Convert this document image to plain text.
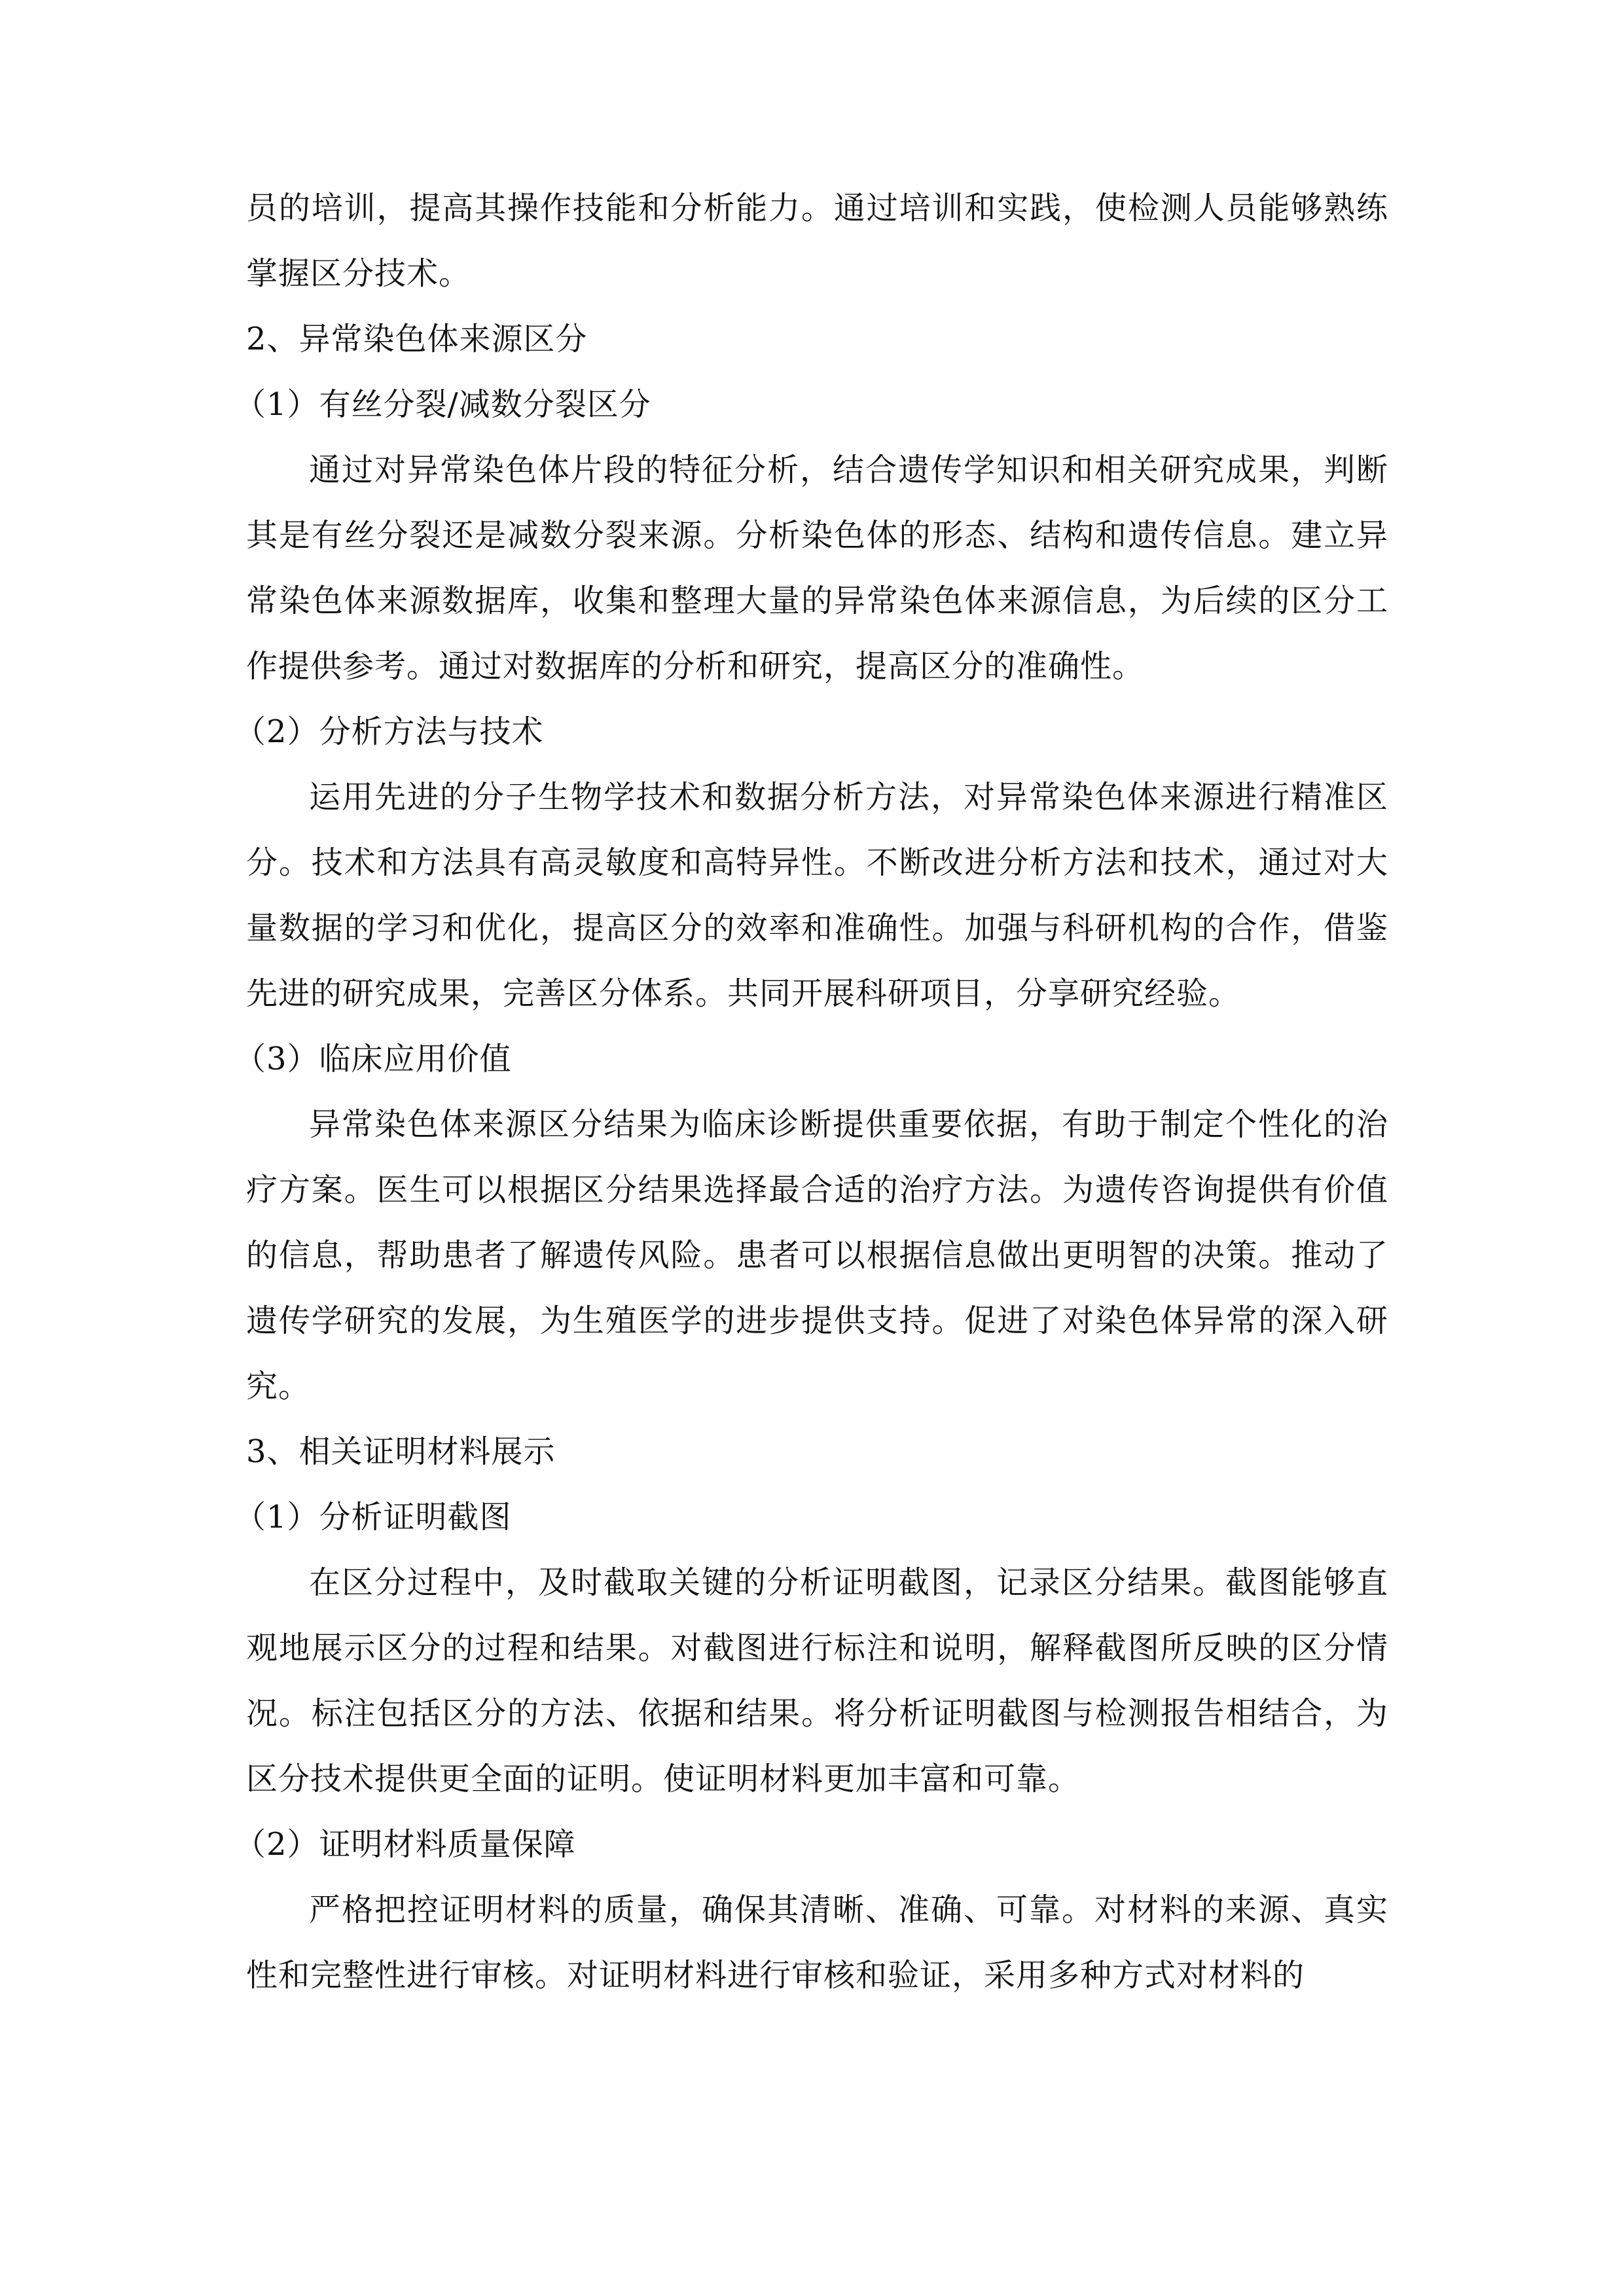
员的培训，提高其操作技能和分析能力。通过培训和实践，使检测人员能够熟练掌握区分技术。

2、异常染色体来源区分

（1）有丝分裂/减数分裂区分

通过对异常染色体片段的特征分析，结合遗传学知识和相关研究成果，判断其是有丝分裂还是减数分裂来源。分析染色体的形态、结构和遗传信息。建立异常染色体来源数据库，收集和整理大量的异常染色体来源信息，为后续的区分工作提供参考。通过对数据库的分析和研究，提高区分的准确性。

（2）分析方法与技术

运用先进的分子生物学技术和数据分析方法，对异常染色体来源进行精准区分。技术和方法具有高灵敏度和高特异性。不断改进分析方法和技术，通过对大量数据的学习和优化，提高区分的效率和准确性。加强与科研机构的合作，借鉴先进的研究成果，完善区分体系。共同开展科研项目，分享研究经验。

（3）临床应用价值

异常染色体来源区分结果为临床诊断提供重要依据，有助于制定个性化的治疗方案。医生可以根据区分结果选择最合适的治疗方法。为遗传咨询提供有价值的信息，帮助患者了解遗传风险。患者可以根据信息做出更明智的决策。推动了遗传学研究的发展，为生殖医学的进步提供支持。促进了对染色体异常的深入研究。

3、相关证明材料展示

（1）分析证明截图

在区分过程中，及时截取关键的分析证明截图，记录区分结果。截图能够直观地展示区分的过程和结果。对截图进行标注和说明，解释截图所反映的区分情况。标注包括区分的方法、依据和结果。将分析证明截图与检测报告相结合，为区分技术提供更全面的证明。使证明材料更加丰富和可靠。

（2）证明材料质量保障

严格把控证明材料的质量，确保其清晰、准确、可靠。对材料的来源、真实性和完整性进行审核。对证明材料进行审核和验证，采用多种方式对材料的
